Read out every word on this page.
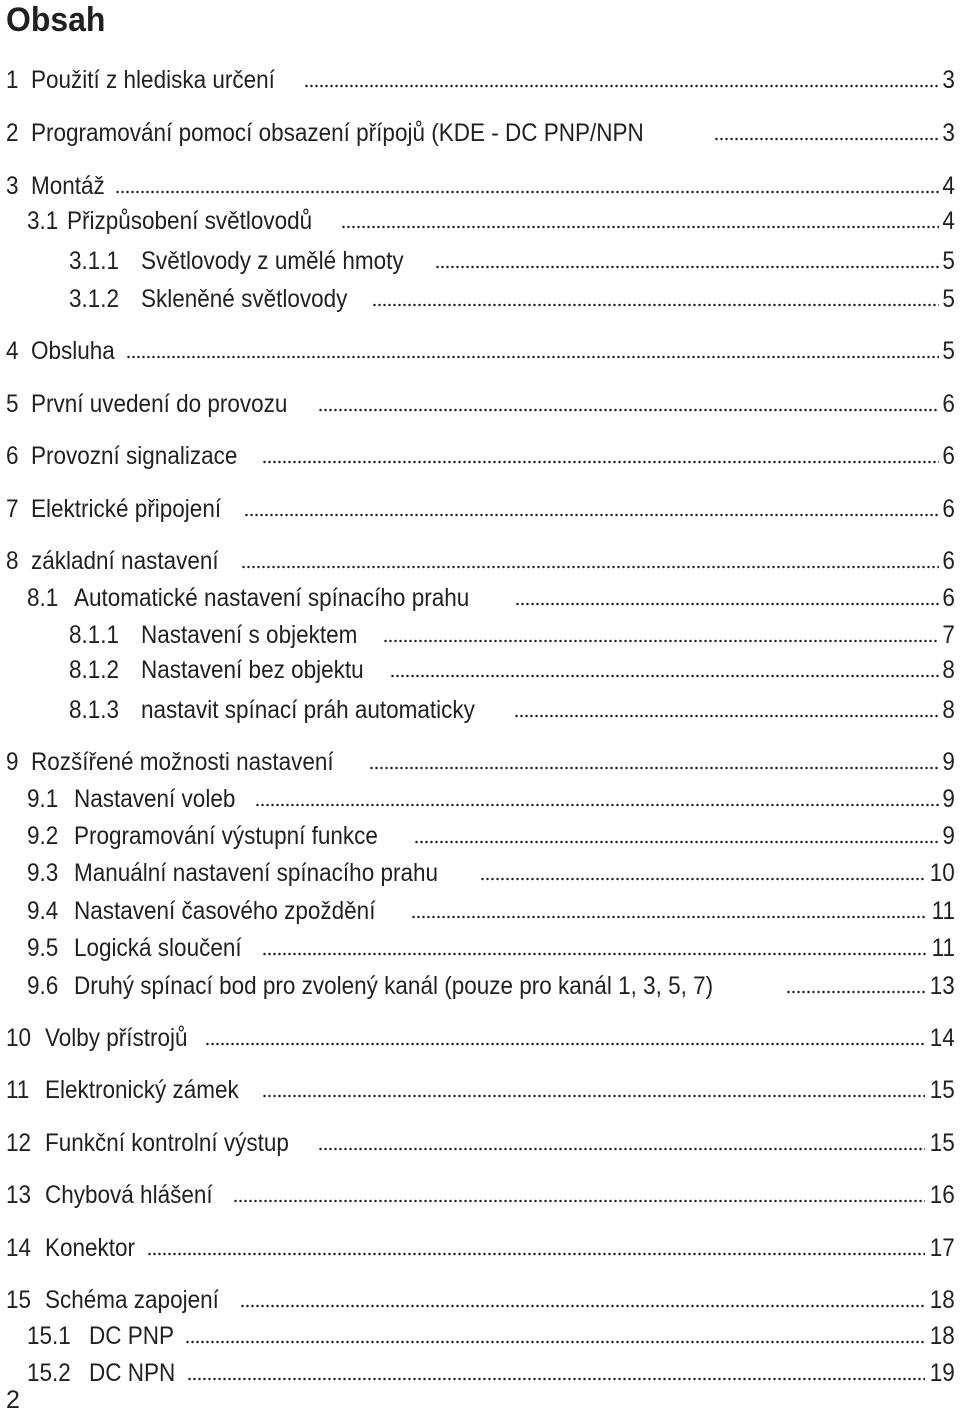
Obsah
1 Použití z hlediska určení	3
2 Programování pomocí obsazení přípojů (KDE - DC PNP/NPN	3
3 Montáž	4
3.1 Přizpůsobení světlovodů	4
3.1.1 Světlovody z umělé hmoty	5
3.1.2 Skleněné světlovody	5
4 Obsluha	5
5 První uvedení do provozu	6
6 Provozní signalizace	6
7 Elektrické připojení	6
8 základní nastavení	6
8.1 Automatické nastavení spínacího prahu	6
8.1.1 Nastavení s objektem	7
8.1.2 Nastavení bez objektu	8
8.1.3 nastavit spínací práh automaticky	8
9 Rozšířené možnosti nastavení	9
9.1 Nastavení voleb	9
9.2 Programování výstupní funkce	9
9.3 Manuální nastavení spínacího prahu	10
9.4 Nastavení časového zpoždění	11
9.5 Logická sloučení	11
9.6 Druhý spínací bod pro zvolený kanál (pouze pro kanál 1, 3, 5, 7)	13
10 Volby přístrojů	14
11 Elektronický zámek	15
12 Funkční kontrolní výstup	15
13 Chybová hlášení	16
14 Konektor	17
15 Schéma zapojení	18
15.1 DC PNP	18
15.2 DC NPN	19
2
